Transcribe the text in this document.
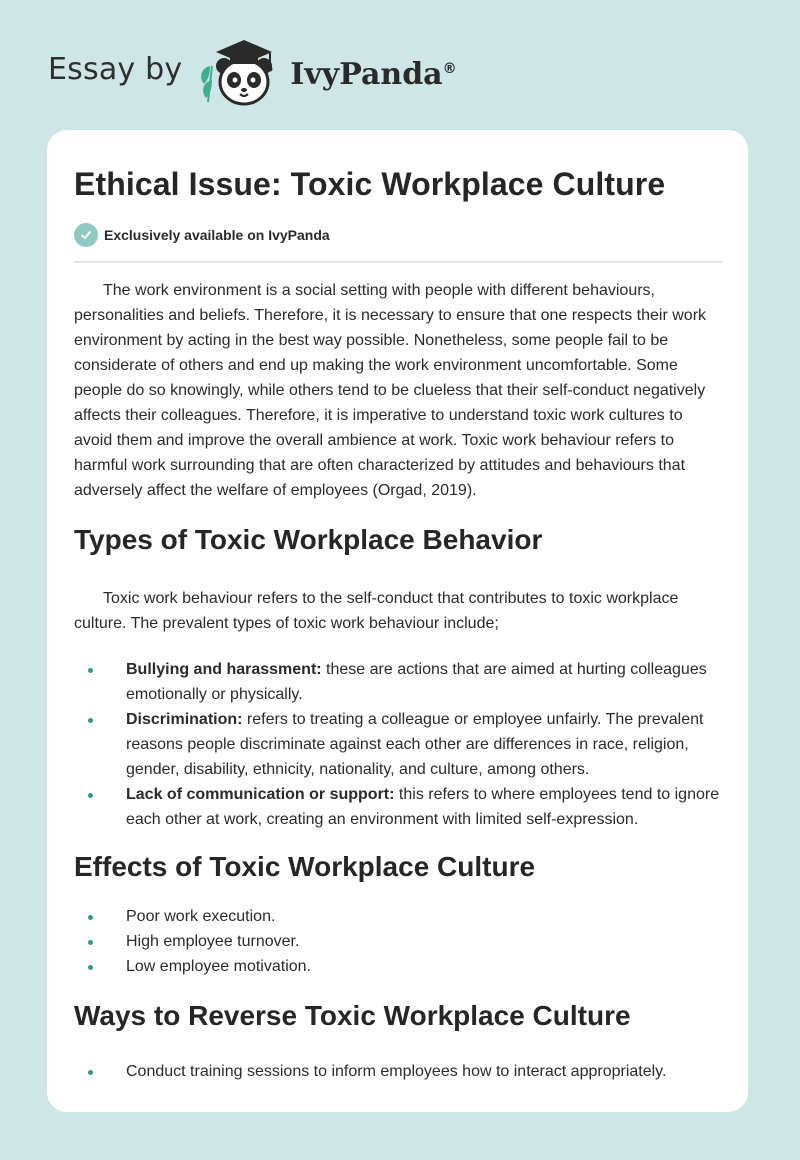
Essay by	IvyPanda®
Ethical Issue: Toxic Workplace Culture
Exclusively available on IvyPanda

The work environment is a social setting with people with different behaviours, personalities and beliefs. Therefore, it is necessary to ensure that one respects their work environment by acting in the best way possible. Nonetheless, some people fail to be considerate of others and end up making the work environment uncomfortable. Some people do so knowingly, while others tend to be clueless that their self-conduct negatively affects their colleagues. Therefore, it is imperative to understand toxic work cultures to avoid them and improve the overall ambience at work. Toxic work behaviour refers to harmful work surrounding that are often characterized by attitudes and behaviours that adversely affect the welfare of employees (Orgad, 2019).

Types of Toxic Workplace Behavior

Toxic work behaviour refers to the self-conduct that contributes to toxic workplace culture. The prevalent types of toxic work behaviour include;

Bullying and harassment: these are actions that are aimed at hurting colleagues emotionally or physically.
Discrimination: refers to treating a colleague or employee unfairly. The prevalent reasons people discriminate against each other are differences in race, religion, gender, disability, ethnicity, nationality, and culture, among others.
Lack of communication or support: this refers to where employees tend to ignore each other at work, creating an environment with limited self-expression.
Effects of Toxic Workplace Culture
Poor work execution.
High employee turnover.
Low employee motivation.
Ways to Reverse Toxic Workplace Culture
Conduct training sessions to inform employees how to interact appropriately.
